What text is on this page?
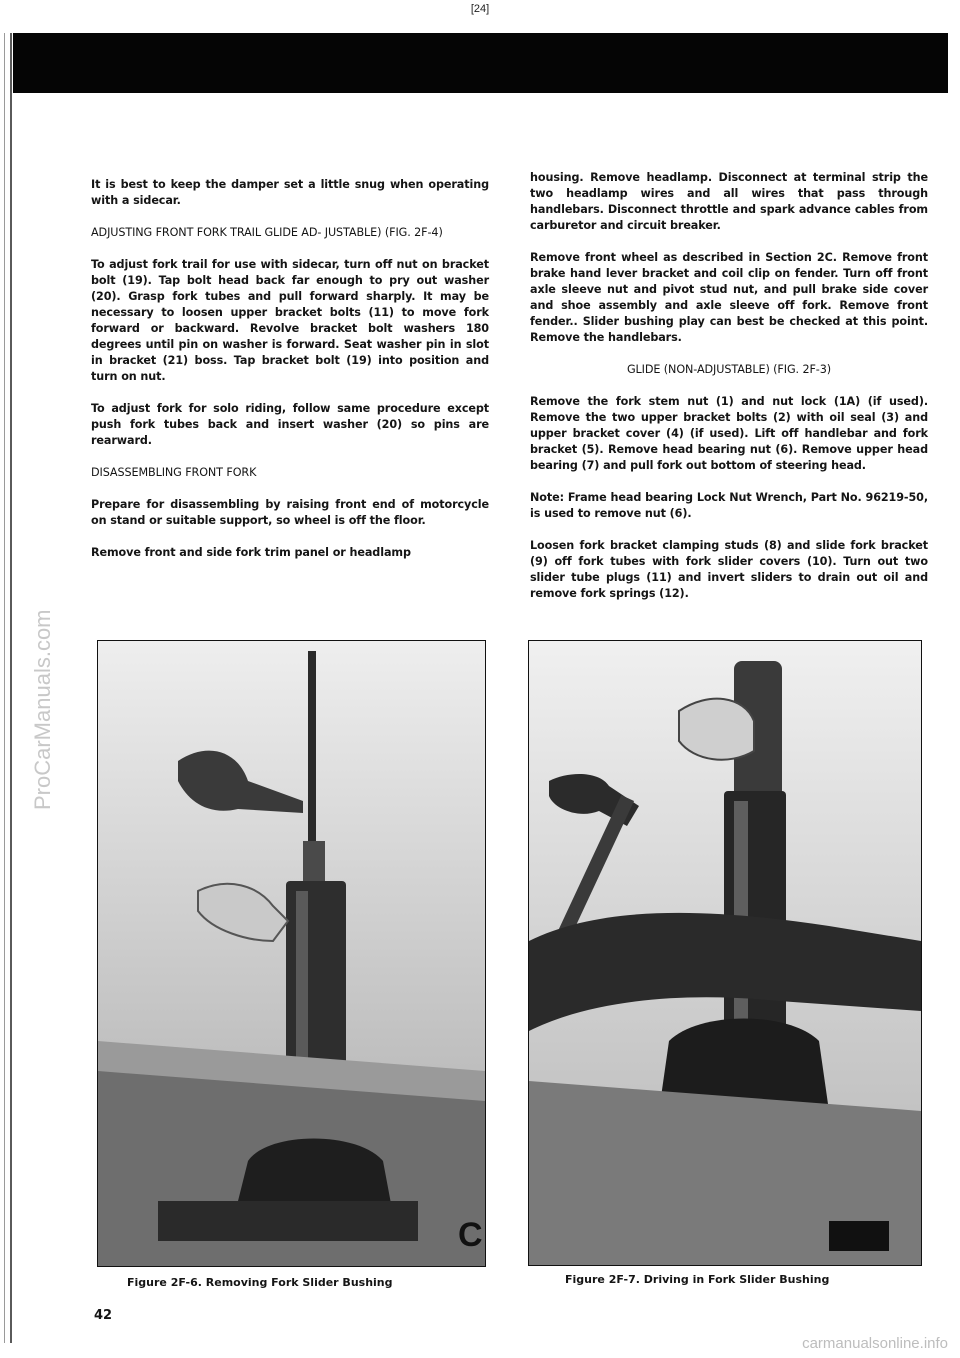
[24]
ProCarManuals.com

It is best to keep the damper set a little snug when operating with a sidecar.

ADJUSTING FRONT FORK TRAIL GLIDE AD- JUSTABLE) (FIG. 2F-4)

To adjust fork trail for use with sidecar, turn off nut on bracket bolt (19). Tap bolt head back far enough to pry out washer (20). Grasp fork tubes and pull forward sharply. It may be necessary to loosen upper bracket bolts (11) to move fork forward or backward. Revolve bracket bolt washers 180 degrees until pin on washer is forward. Seat washer pin in slot in bracket (21) boss. Tap bracket bolt (19) into position and turn on nut.

To adjust fork for solo riding, follow same procedure except push fork tubes back and insert washer (20) so pins are rearward.

DISASSEMBLING FRONT FORK

Prepare for disassembling by raising front end of motorcycle on stand or suitable support, so wheel is off the floor.

Remove front and side fork trim panel or headlamp

housing. Remove headlamp. Disconnect at terminal strip the two headlamp wires and all wires that pass through handlebars. Disconnect throttle and spark advance cables from carburetor and circuit breaker.

Remove front wheel as described in Section 2C. Remove front brake hand lever bracket and coil clip on fender. Turn off front axle sleeve nut and pivot stud nut, and pull brake side cover and shoe assembly and axle sleeve off fork. Remove front fender.. Slider bushing play can best be checked at this point. Remove the handlebars.

GLIDE (NON-ADJUSTABLE) (FIG. 2F-3)

Remove the fork stem nut (1) and nut lock (1A) (if used). Remove the two upper bracket bolts (2) with oil seal (3) and upper bracket cover (4) (if used). Lift off handlebar and fork bracket (5). Remove head bearing nut (6). Remove upper head bearing (7) and pull fork out bottom of steering head.

Note: Frame head bearing Lock Nut Wrench, Part No. 96219-50, is used to remove nut (6).

Loosen fork bracket clamping studs (8) and slide fork bracket (9) off fork tubes with fork slider covers (10). Turn out two slider tube plugs (11) and invert sliders to drain out oil and remove fork springs (12).

C
Figure 2F-6. Removing Fork Slider Bushing	Figure 2F-7. Driving in Fork Slider Bushing
42
carmanualsonline.info
